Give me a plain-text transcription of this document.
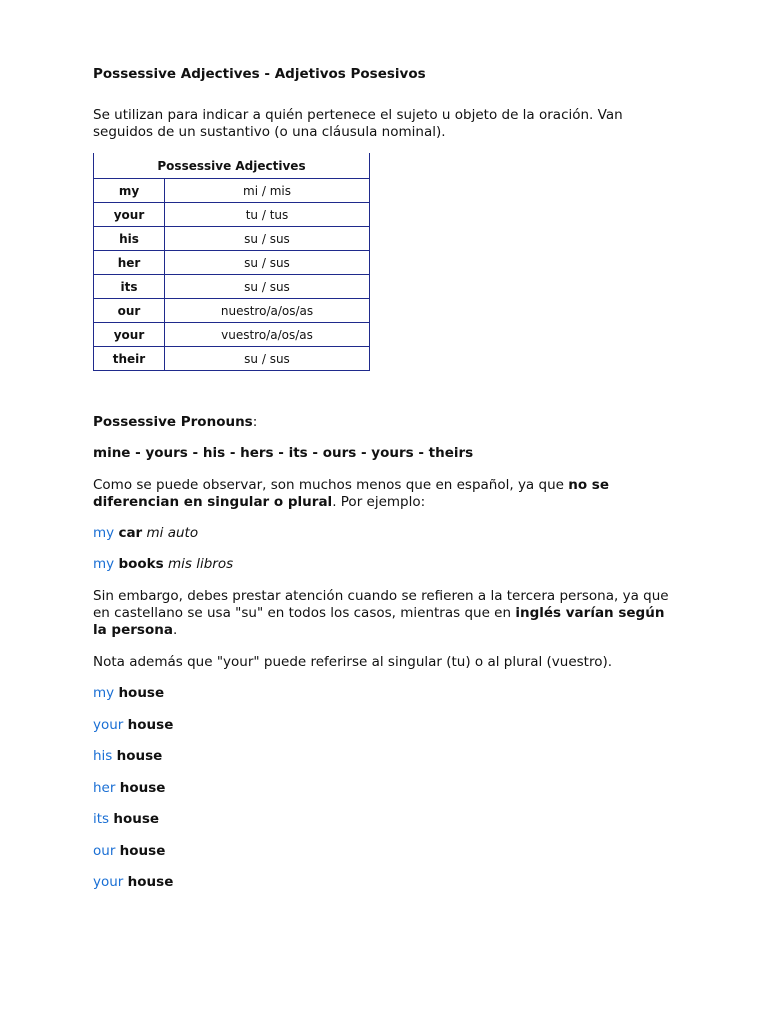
Possessive Adjectives - Adjetivos Posesivos

Se utilizan para indicar a quién pertenece el sujeto u objeto de la oración. Van seguidos de un sustantivo (o una cláusula nominal).

Possessive Adjectives	
my	mi / mis
your	tu / tus
his	su / sus
her	su / sus
its	su / sus
our	nuestro/a/os/as
your	vuestro/a/os/as
their	su / sus

Possessive Pronouns:

mine - yours - his - hers - its - ours - yours - theirs

Como se puede observar, son muchos menos que en español, ya que no se diferencian en singular o plural. Por ejemplo:

my car mi auto

my books mis libros

Sin embargo, debes prestar atención cuando se refieren a la tercera persona, ya que en castellano se usa "su" en todos los casos, mientras que en inglés varían según la persona.

Nota además que "your" puede referirse al singular (tu) o al plural (vuestro).

my house

your house

his house

her house

its house

our house

your house
